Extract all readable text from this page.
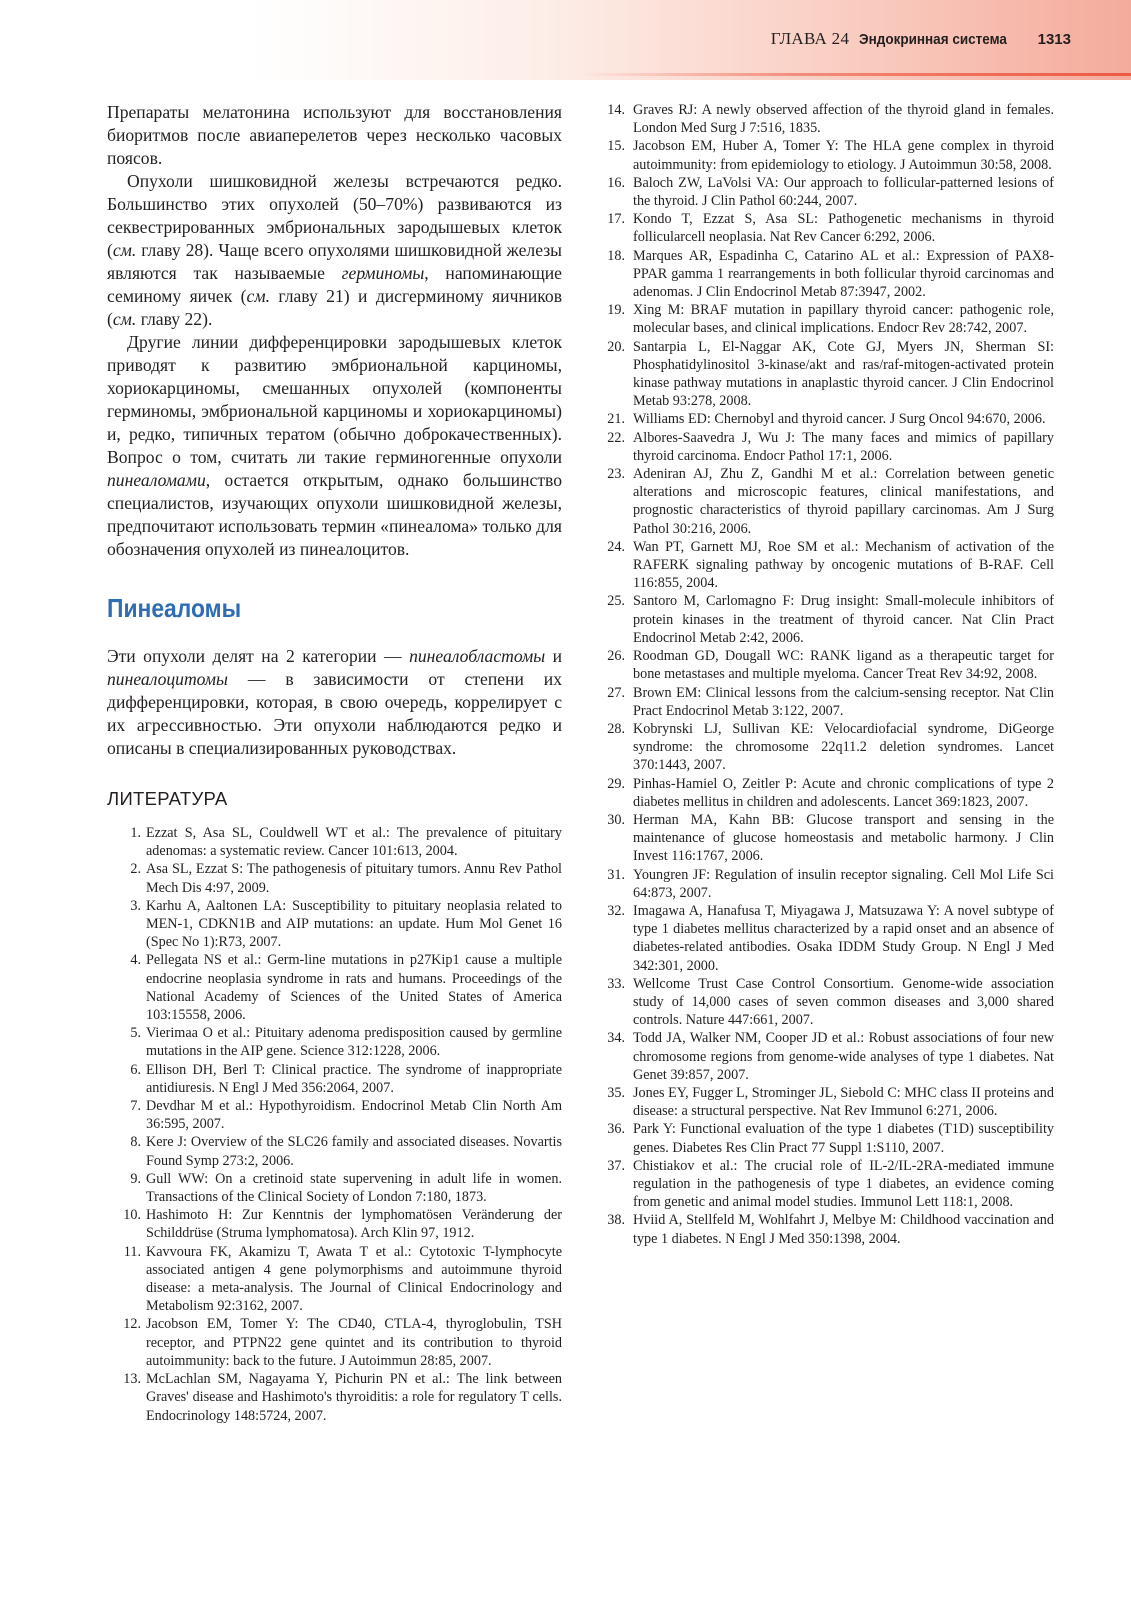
ГЛАВА 24 Эндокринная система 1313

Препараты мелатонина используют для восстановления биоритмов после авиаперелетов через несколько часовых поясов.

Опухоли шишковидной железы встречаются редко. Большинство этих опухолей (50–70%) развиваются из секвестрированных эмбриональных зародышевых клеток (см. главу 28). Чаще всего опухолями шишковидной железы являются так называемые герминомы, напоминающие семиному яичек (см. главу 21) и дисгерминому яичников (см. главу 22).

Другие линии дифференцировки зародышевых клеток приводят к развитию эмбриональной карциномы, хориокарциномы, смешанных опухолей (компоненты герминомы, эмбриональной карциномы и хориокарциномы) и, редко, типичных тератом (обычно доброкачественных). Вопрос о том, считать ли такие герминогенные опухоли пинеаломами, остается открытым, однако большинство специалистов, изучающих опухоли шишковидной железы, предпочитают использовать термин «пинеалома» только для обозначения опухолей из пинеалоцитов.

Пинеаломы

Эти опухоли делят на 2 категории — пинеалобластомы и пинеалоцитомы — в зависимости от степени их дифференцировки, которая, в свою очередь, коррелирует с их агрессивностью. Эти опухоли наблюдаются редко и описаны в специализированных руководствах.

ЛИТЕРАТУРА
1. Ezzat S, Asa SL, Couldwell WT et al.: The prevalence of pituitary adenomas: a systematic review. Cancer 101:613, 2004.
2. Asa SL, Ezzat S: The pathogenesis of pituitary tumors. Annu Rev Pathol Mech Dis 4:97, 2009.
3. Karhu A, Aaltonen LA: Susceptibility to pituitary neoplasia related to MEN-1, CDKN1B and AIP mutations: an update. Hum Mol Genet 16 (Spec No 1):R73, 2007.
4. Pellegata NS et al.: Germ-line mutations in p27Kip1 cause a multiple endocrine neoplasia syndrome in rats and humans. Proceedings of the National Academy of Sciences of the United States of America 103:15558, 2006.
5. Vierimaa O et al.: Pituitary adenoma predisposition caused by germline mutations in the AIP gene. Science 312:1228, 2006.
6. Ellison DH, Berl T: Clinical practice. The syndrome of inappropriate antidiuresis. N Engl J Med 356:2064, 2007.
7. Devdhar M et al.: Hypothyroidism. Endocrinol Metab Clin North Am 36:595, 2007.
8. Kere J: Overview of the SLC26 family and associated diseases. Novartis Found Symp 273:2, 2006.
9. Gull WW: On a cretinoid state supervening in adult life in women. Transactions of the Clinical Society of London 7:180, 1873.
10. Hashimoto H: Zur Kenntnis der lymphomatösen Veränderung der Schilddrüse (Struma lymphomatosa). Arch Klin 97, 1912.
11. Kavvoura FK, Akamizu T, Awata T et al.: Cytotoxic T-lymphocyte associated antigen 4 gene polymorphisms and autoimmune thyroid disease: a meta-analysis. The Journal of Clinical Endocrinology and Metabolism 92:3162, 2007.
12. Jacobson EM, Tomer Y: The CD40, CTLA-4, thyroglobulin, TSH receptor, and PTPN22 gene quintet and its contribution to thyroid autoimmunity: back to the future. J Autoimmun 28:85, 2007.
13. McLachlan SM, Nagayama Y, Pichurin PN et al.: The link between Graves' disease and Hashimoto's thyroiditis: a role for regulatory T cells. Endocrinology 148:5724, 2007.
14. Graves RJ: A newly observed affection of the thyroid gland in females. London Med Surg J 7:516, 1835.
15. Jacobson EM, Huber A, Tomer Y: The HLA gene complex in thyroid autoimmunity: from epidemiology to etiology. J Autoimmun 30:58, 2008.
16. Baloch ZW, LaVolsi VA: Our approach to follicular-patterned lesions of the thyroid. J Clin Pathol 60:244, 2007.
17. Kondo T, Ezzat S, Asa SL: Pathogenetic mechanisms in thyroid follicularcell neoplasia. Nat Rev Cancer 6:292, 2006.
18. Marques AR, Espadinha C, Catarino AL et al.: Expression of PAX8-PPAR gamma 1 rearrangements in both follicular thyroid carcinomas and adenomas. J Clin Endocrinol Metab 87:3947, 2002.
19. Xing M: BRAF mutation in papillary thyroid cancer: pathogenic role, molecular bases, and clinical implications. Endocr Rev 28:742, 2007.
20. Santarpia L, El-Naggar AK, Cote GJ, Myers JN, Sherman SI: Phosphatidylinositol 3-kinase/akt and ras/raf-mitogen-activated protein kinase pathway mutations in anaplastic thyroid cancer. J Clin Endocrinol Metab 93:278, 2008.
21. Williams ED: Chernobyl and thyroid cancer. J Surg Oncol 94:670, 2006.
22. Albores-Saavedra J, Wu J: The many faces and mimics of papillary thyroid carcinoma. Endocr Pathol 17:1, 2006.
23. Adeniran AJ, Zhu Z, Gandhi M et al.: Correlation between genetic alterations and microscopic features, clinical manifestations, and prognostic characteristics of thyroid papillary carcinomas. Am J Surg Pathol 30:216, 2006.
24. Wan PT, Garnett MJ, Roe SM et al.: Mechanism of activation of the RAFERK signaling pathway by oncogenic mutations of B-RAF. Cell 116:855, 2004.
25. Santoro M, Carlomagno F: Drug insight: Small-molecule inhibitors of protein kinases in the treatment of thyroid cancer. Nat Clin Pract Endocrinol Metab 2:42, 2006.
26. Roodman GD, Dougall WC: RANK ligand as a therapeutic target for bone metastases and multiple myeloma. Cancer Treat Rev 34:92, 2008.
27. Brown EM: Clinical lessons from the calcium-sensing receptor. Nat Clin Pract Endocrinol Metab 3:122, 2007.
28. Kobrynski LJ, Sullivan KE: Velocardiofacial syndrome, DiGeorge syndrome: the chromosome 22q11.2 deletion syndromes. Lancet 370:1443, 2007.
29. Pinhas-Hamiel O, Zeitler P: Acute and chronic complications of type 2 diabetes mellitus in children and adolescents. Lancet 369:1823, 2007.
30. Herman MA, Kahn BB: Glucose transport and sensing in the maintenance of glucose homeostasis and metabolic harmony. J Clin Invest 116:1767, 2006.
31. Youngren JF: Regulation of insulin receptor signaling. Cell Mol Life Sci 64:873, 2007.
32. Imagawa A, Hanafusa T, Miyagawa J, Matsuzawa Y: A novel subtype of type 1 diabetes mellitus characterized by a rapid onset and an absence of diabetes-related antibodies. Osaka IDDM Study Group. N Engl J Med 342:301, 2000.
33. Wellcome Trust Case Control Consortium. Genome-wide association study of 14,000 cases of seven common diseases and 3,000 shared controls. Nature 447:661, 2007.
34. Todd JA, Walker NM, Cooper JD et al.: Robust associations of four new chromosome regions from genome-wide analyses of type 1 diabetes. Nat Genet 39:857, 2007.
35. Jones EY, Fugger L, Strominger JL, Siebold C: MHC class II proteins and disease: a structural perspective. Nat Rev Immunol 6:271, 2006.
36. Park Y: Functional evaluation of the type 1 diabetes (T1D) susceptibility genes. Diabetes Res Clin Pract 77 Suppl 1:S110, 2007.
37. Chistiakov et al.: The crucial role of IL-2/IL-2RA-mediated immune regulation in the pathogenesis of type 1 diabetes, an evidence coming from genetic and animal model studies. Immunol Lett 118:1, 2008.
38. Hviid A, Stellfeld M, Wohlfahrt J, Melbye M: Childhood vaccination and type 1 diabetes. N Engl J Med 350:1398, 2004.
